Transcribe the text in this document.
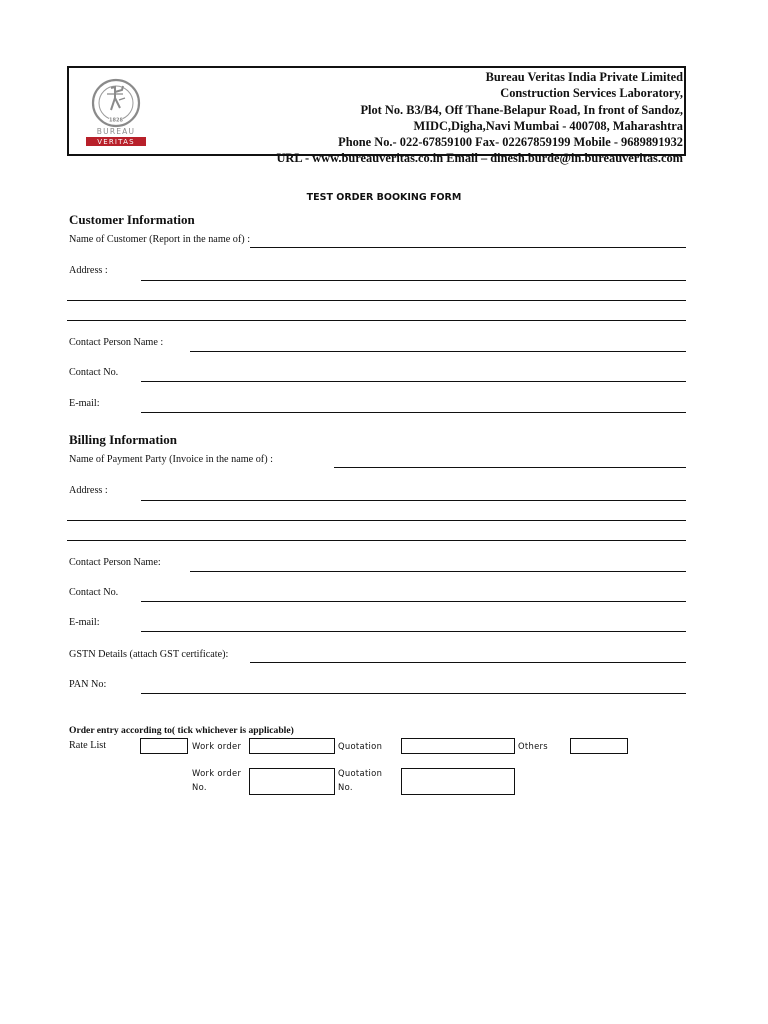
1828
BUREAU
VERITAS
Bureau Veritas India Private Limited
Construction Services Laboratory,
Plot No. B3/B4, Off Thane-Belapur Road, In front of Sandoz,
MIDC,Digha,Navi Mumbai - 400708, Maharashtra
Phone No.- 022-67859100 Fax- 02267859199 Mobile - 9689891932
URL - www.bureauveritas.co.in Email – dinesh.burde@in.bureauveritas.com
TEST ORDER BOOKING FORM
Customer Information
Name of Customer (Report in the name of) :
Address :
Contact Person Name :
Contact No.
E-mail:
Billing Information
Name of Payment Party (Invoice in the name of) :
Address :
Contact Person Name:
Contact No.
E-mail:
GSTN Details (attach GST certificate):
PAN No:
Order entry according to( tick whichever is applicable)
Rate List	Work order	Quotation	Others
Work order
No.
Quotation
No.
